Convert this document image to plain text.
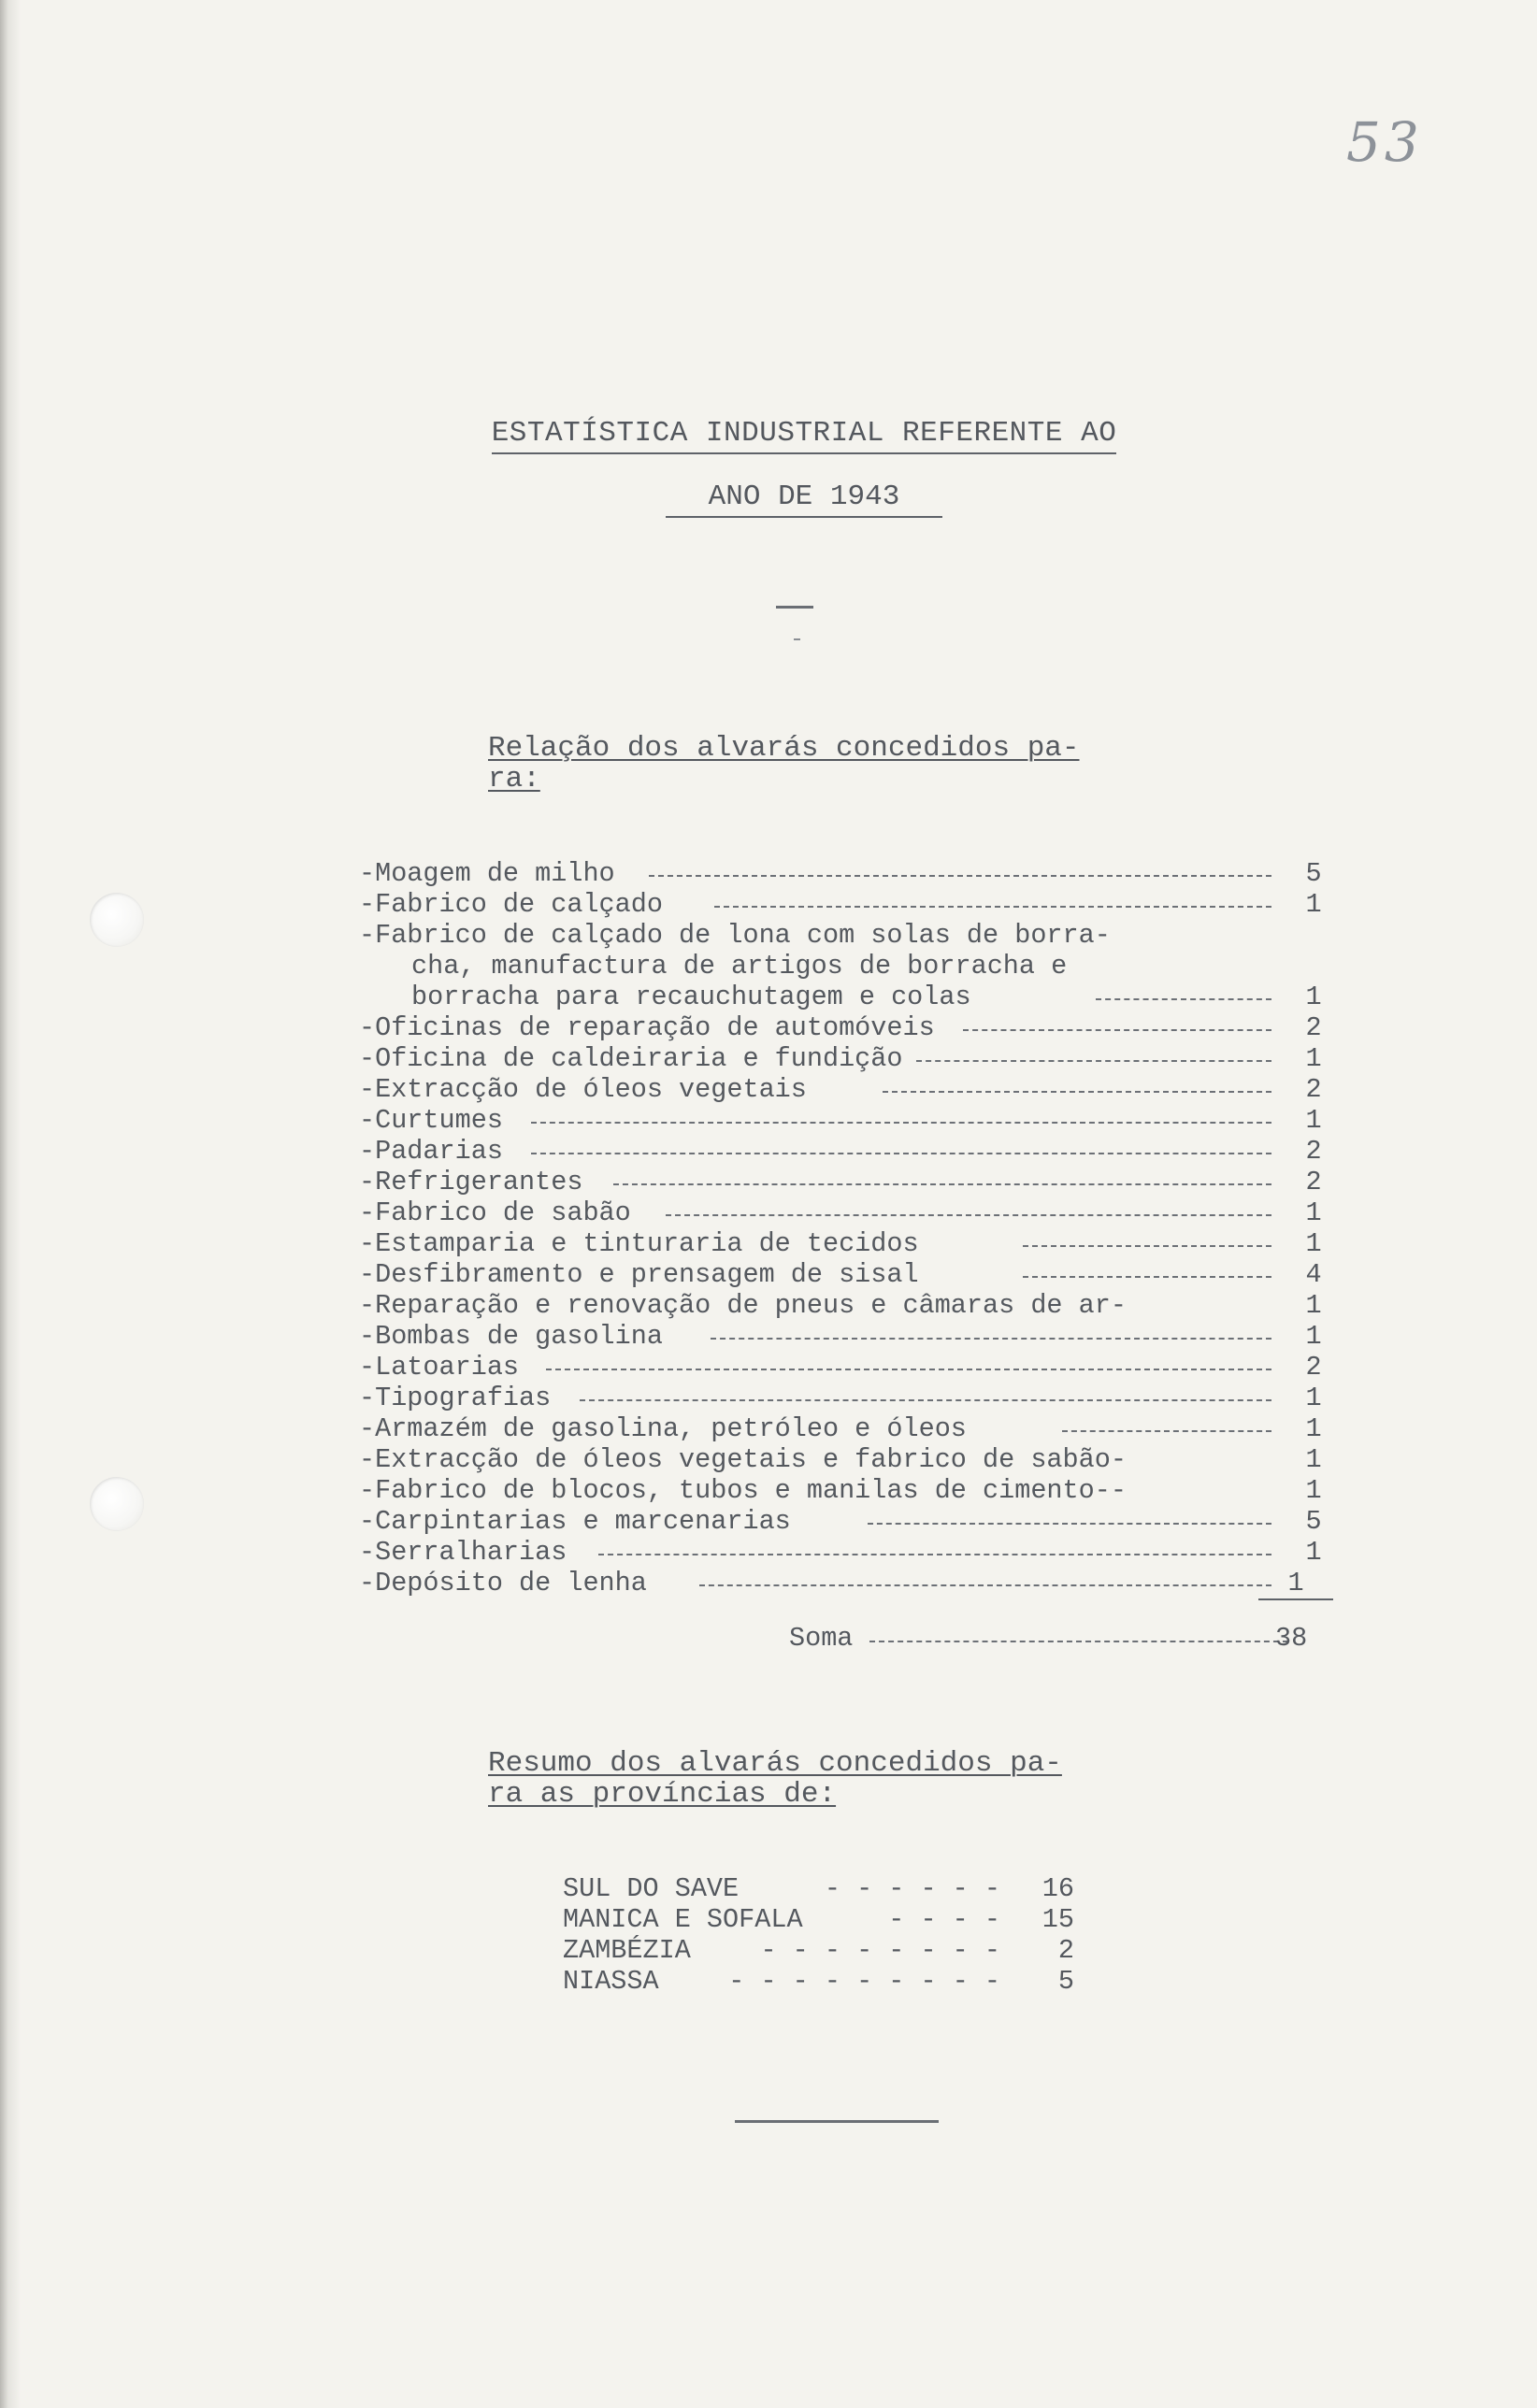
53
ESTATÍSTICA INDUSTRIAL REFERENTE AO
ANO DE 1943
Relação dos alvarás concedidos pa-
ra:
-Moagem de milho	5
-Fabrico de calçado	1
-Fabrico de calçado de lona com solas de borra-
cha, manufactura de artigos de borracha e
borracha para recauchutagem e colas	1
-Oficinas de reparação de automóveis	2
-Oficina de caldeiraria e fundição	1
-Extracção de óleos vegetais	2
-Curtumes	1
-Padarias	2
-Refrigerantes	2
-Fabrico de sabão	1
-Estamparia e tinturaria de tecidos	1
-Desfibramento e prensagem de sisal	4
-Reparação e renovação de pneus e câmaras de ar-	1
-Bombas de gasolina	1
-Latoarias	2
-Tipografias	1
-Armazém de gasolina, petróleo e óleos	1
-Extracção de óleos vegetais e fabrico de sabão-	1
-Fabrico de blocos, tubos e manilas de cimento--	1
-Carpintarias e marcenarias	5
-Serralharias	1
-Depósito de lenha	1
Soma	38
Resumo dos alvarás concedidos pa-
ra as províncias de:
SUL DO SAVE	- - - - - -	16
MANICA E SOFALA	- - - -	15
ZAMBÉZIA	- - - - - - - -	2
NIASSA	- - - - - - - - -	5
